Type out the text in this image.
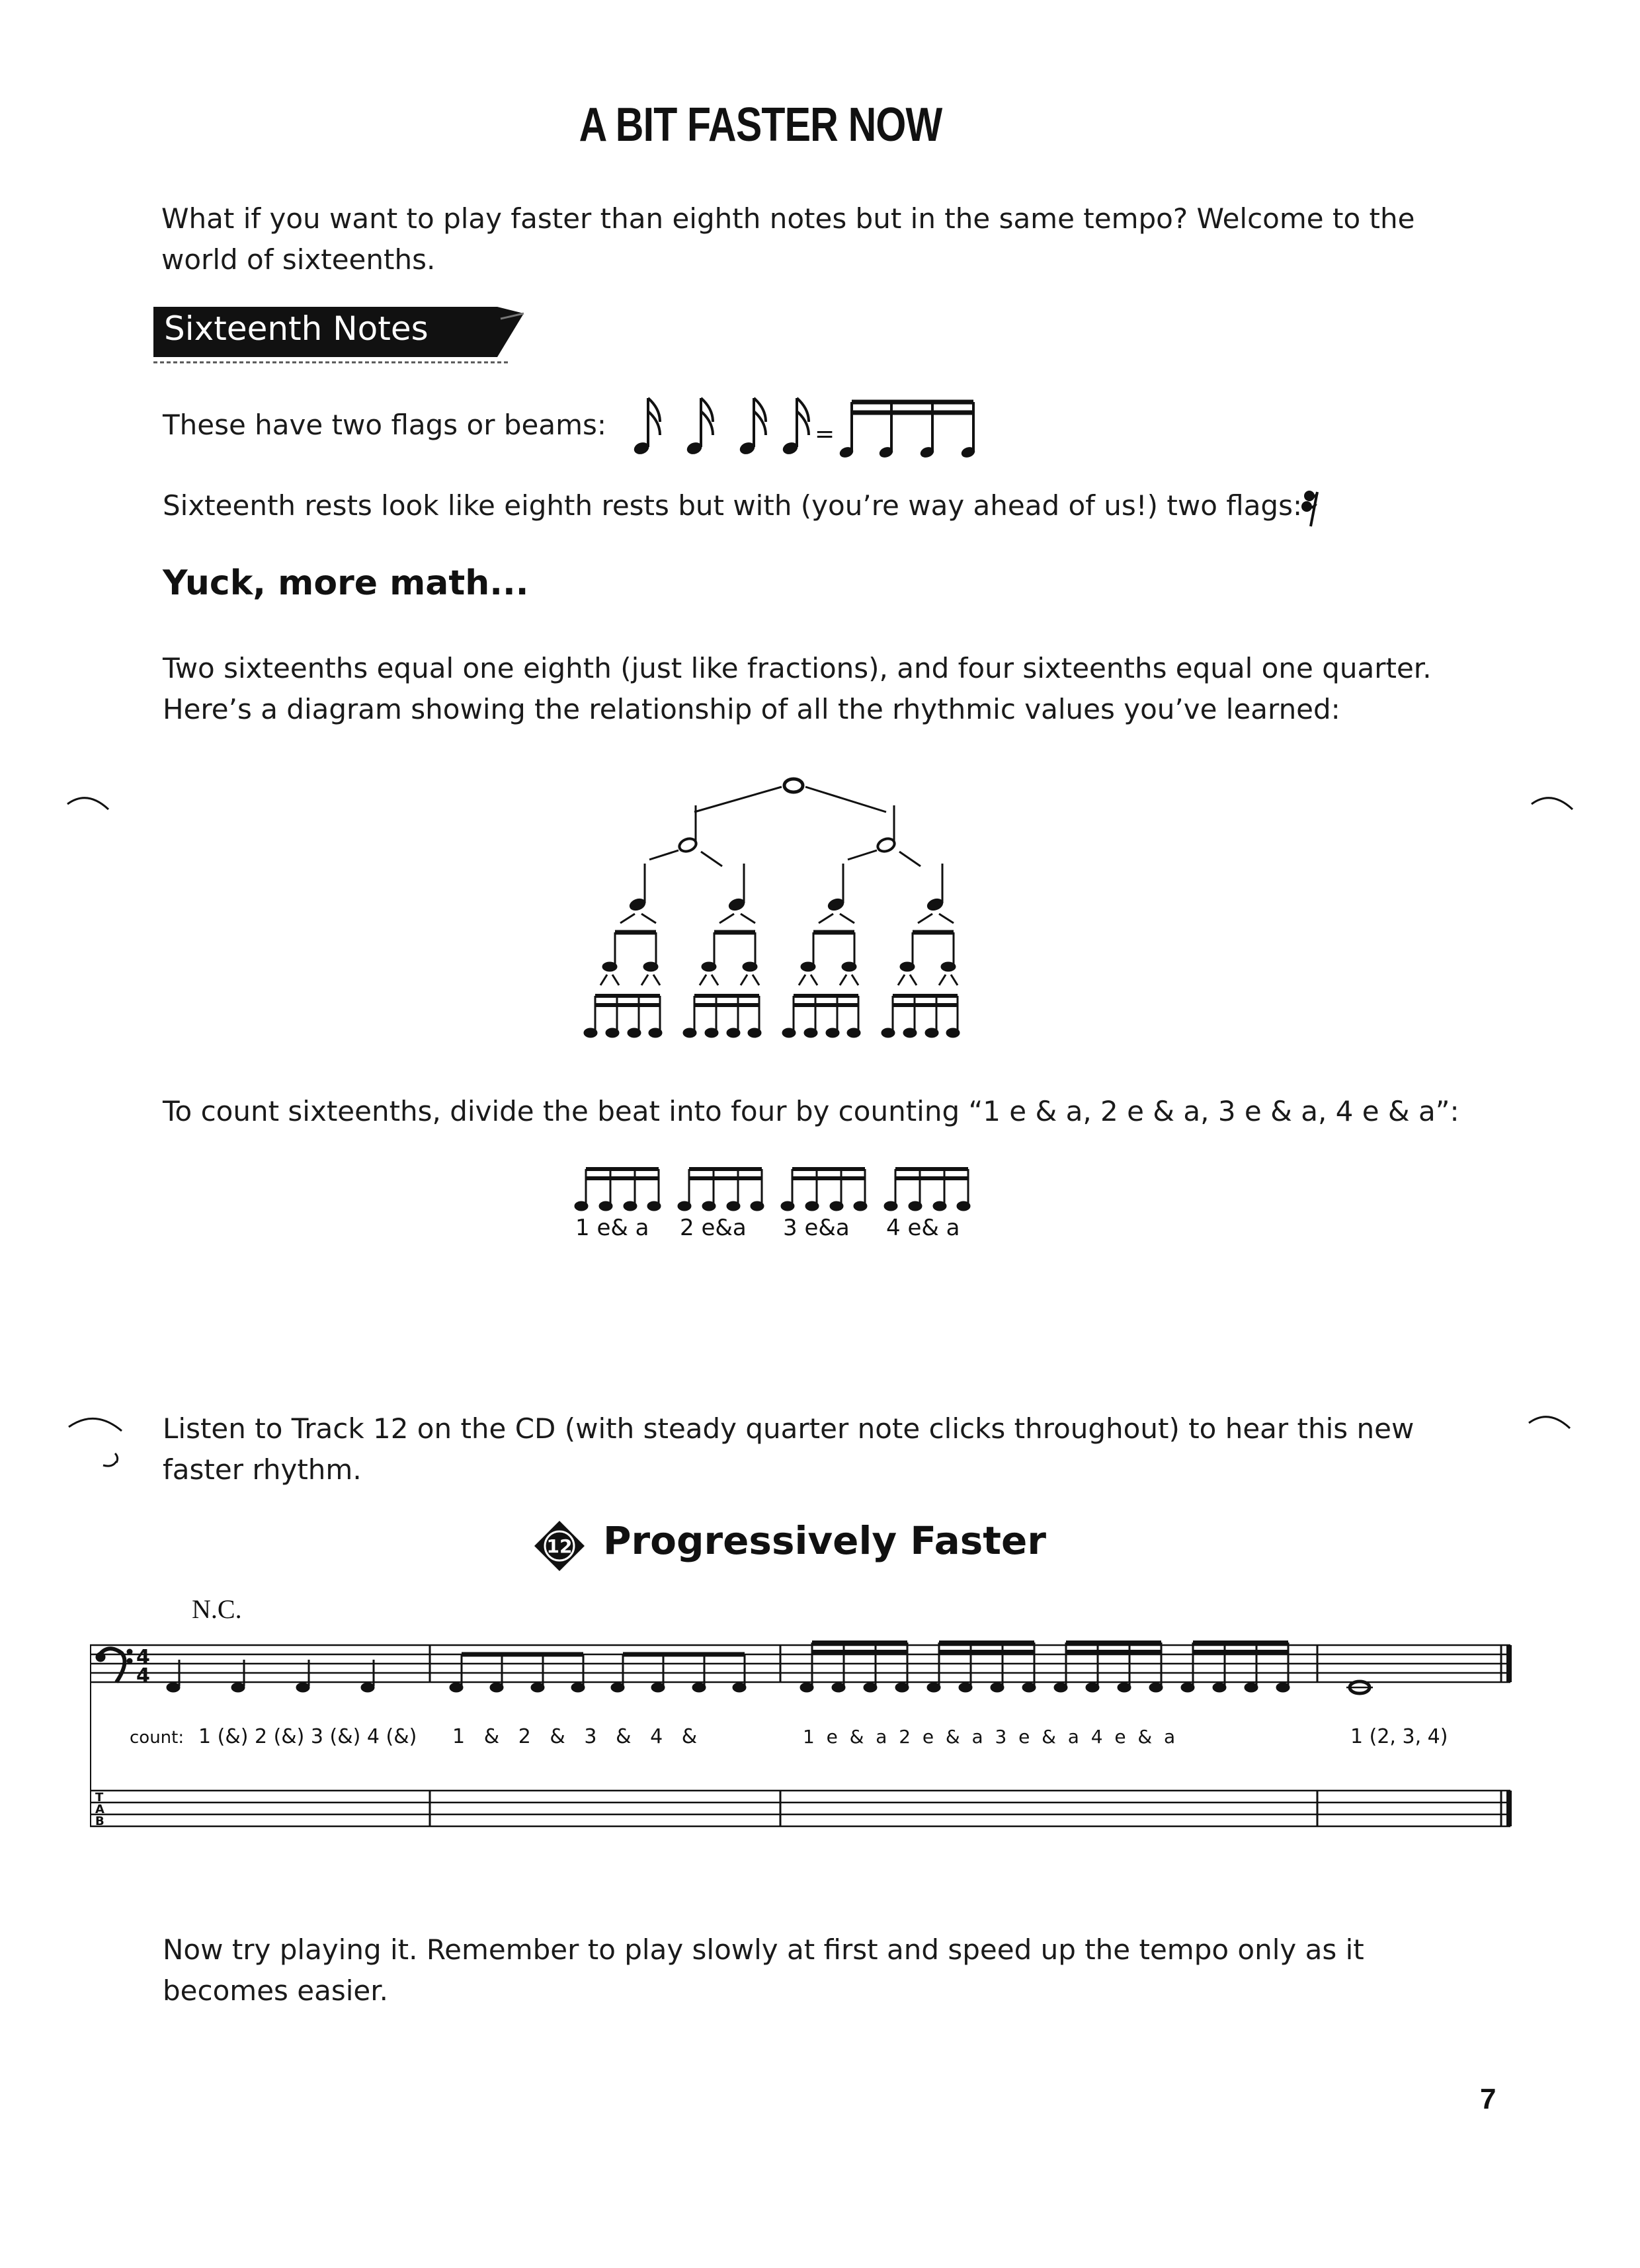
A BIT FASTER NOW
What if you want to play faster than eighth notes but in the same tempo? Welcome to the
world of sixteenths.
Sixteenth Notes
These have two flags or beams:	=
Sixteenth rests look like eighth rests but with (you’re way ahead of us!) two flags:
Yuck, more math...
Two sixteenths equal one eighth (just like fractions), and four sixteenths equal one quarter.
Here’s a diagram showing the relationship of all the rhythmic values you’ve learned:
To count sixteenths, divide the beat into four by counting “1 e & a, 2 e & a, 3 e & a, 4 e & a”:
1 e& a 2 e&a 3 e&a 4 e& a
Listen to Track 12 on the CD (with steady quarter note clicks throughout) to hear this new
faster rhythm.
12 Progressively Faster
N.C.
4
4
T
A
B
count: 1 (&) 2 (&) 3 (&) 4 (&) 1   &   2   &   3   &   4   &	1  e  &  a  2  e  &  a  3  e  &  a  4  e  &  a	1 (2, 3, 4)
Now try playing it. Remember to play slowly at first and speed up the tempo only as it
becomes easier.
7
